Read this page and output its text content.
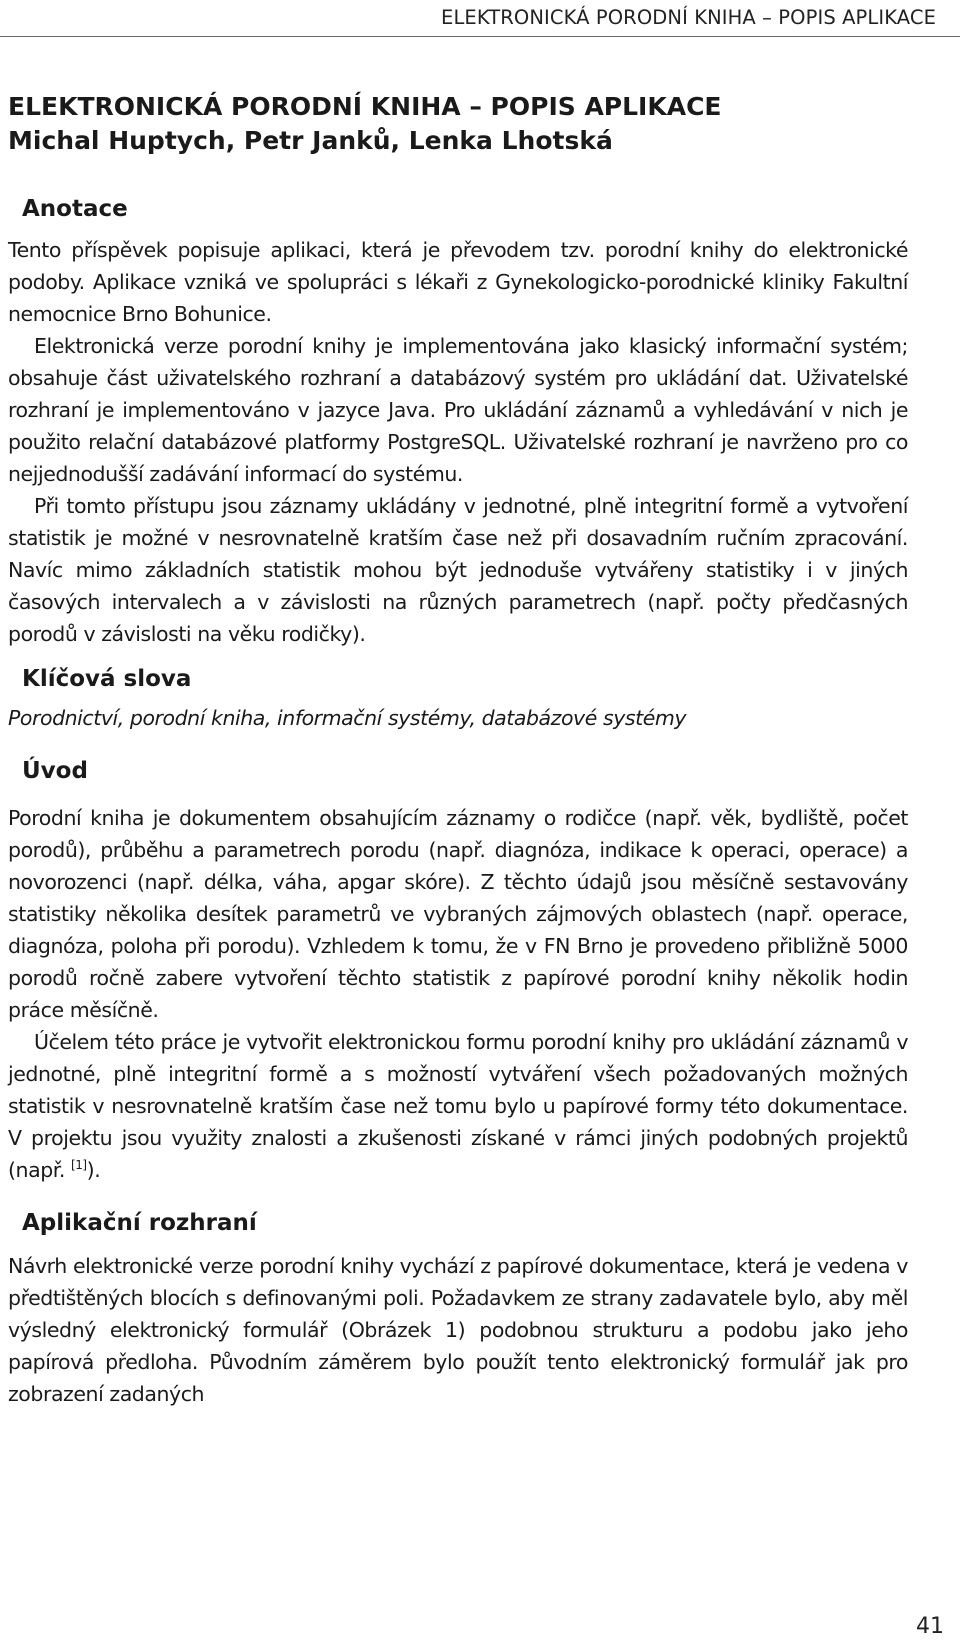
ELEKTRONICKÁ PORODNÍ KNIHA – POPIS APLIKACE
ELEKTRONICKÁ PORODNÍ KNIHA – POPIS APLIKACE
Michal Huptych, Petr Janků, Lenka Lhotská
Anotace

Tento příspěvek popisuje aplikaci, která je převodem tzv. porodní knihy do elektronické podoby. Aplikace vzniká ve spolupráci s lékaři z Gynekologicko-porodnické kliniky Fakultní nemocnice Brno Bohunice.

Elektronická verze porodní knihy je implementována jako klasický informační systém; obsahuje část uživatelského rozhraní a databázový systém pro ukládání dat. Uživatelské rozhraní je implementováno v jazyce Java. Pro ukládání záznamů a vyhledávání v nich je použito relační databázové platformy PostgreSQL. Uživatelské rozhraní je navrženo pro co nejjednodušší zadávání informací do systému.

Při tomto přístupu jsou záznamy ukládány v jednotné, plně integritní formě a vytvoření statistik je možné v nesrovnatelně kratším čase než při dosavadním ručním zpracování. Navíc mimo základních statistik mohou být jednoduše vytvářeny statistiky i v jiných časových intervalech a v závislosti na různých parametrech (např. počty předčasných porodů v závislosti na věku rodičky).

Klíčová slova
Porodnictví, porodní kniha, informační systémy, databázové systémy
Úvod

Porodní kniha je dokumentem obsahujícím záznamy o rodičce (např. věk, bydliště, počet porodů), průběhu a parametrech porodu (např. diagnóza, indikace k operaci, operace) a novorozenci (např. délka, váha, apgar skóre). Z těchto údajů jsou měsíčně sestavovány statistiky několika desítek parametrů ve vybraných zájmových oblastech (např. operace, diagnóza, poloha při porodu). Vzhledem k tomu, že v FN Brno je provedeno přibližně 5000 porodů ročně zabere vytvoření těchto statistik z papírové porodní knihy několik hodin práce měsíčně.

Účelem této práce je vytvořit elektronickou formu porodní knihy pro ukládání záznamů v jednotné, plně integritní formě a s možností vytváření všech požadovaných možných statistik v nesrovnatelně kratším čase než tomu bylo u papírové formy této dokumentace. V projektu jsou využity znalosti a zkušenosti získané v rámci jiných podobných projektů (např. [1]).

Aplikační rozhraní

Návrh elektronické verze porodní knihy vychází z papírové dokumentace, která je vedena v předtištěných blocích s definovanými poli. Požadavkem ze strany zadavatele bylo, aby měl výsledný elektronický formulář (Obrázek 1) podobnou strukturu a podobu jako jeho papírová předloha. Původním záměrem bylo použít tento elektronický formulář jak pro zobrazení zadaných

41
